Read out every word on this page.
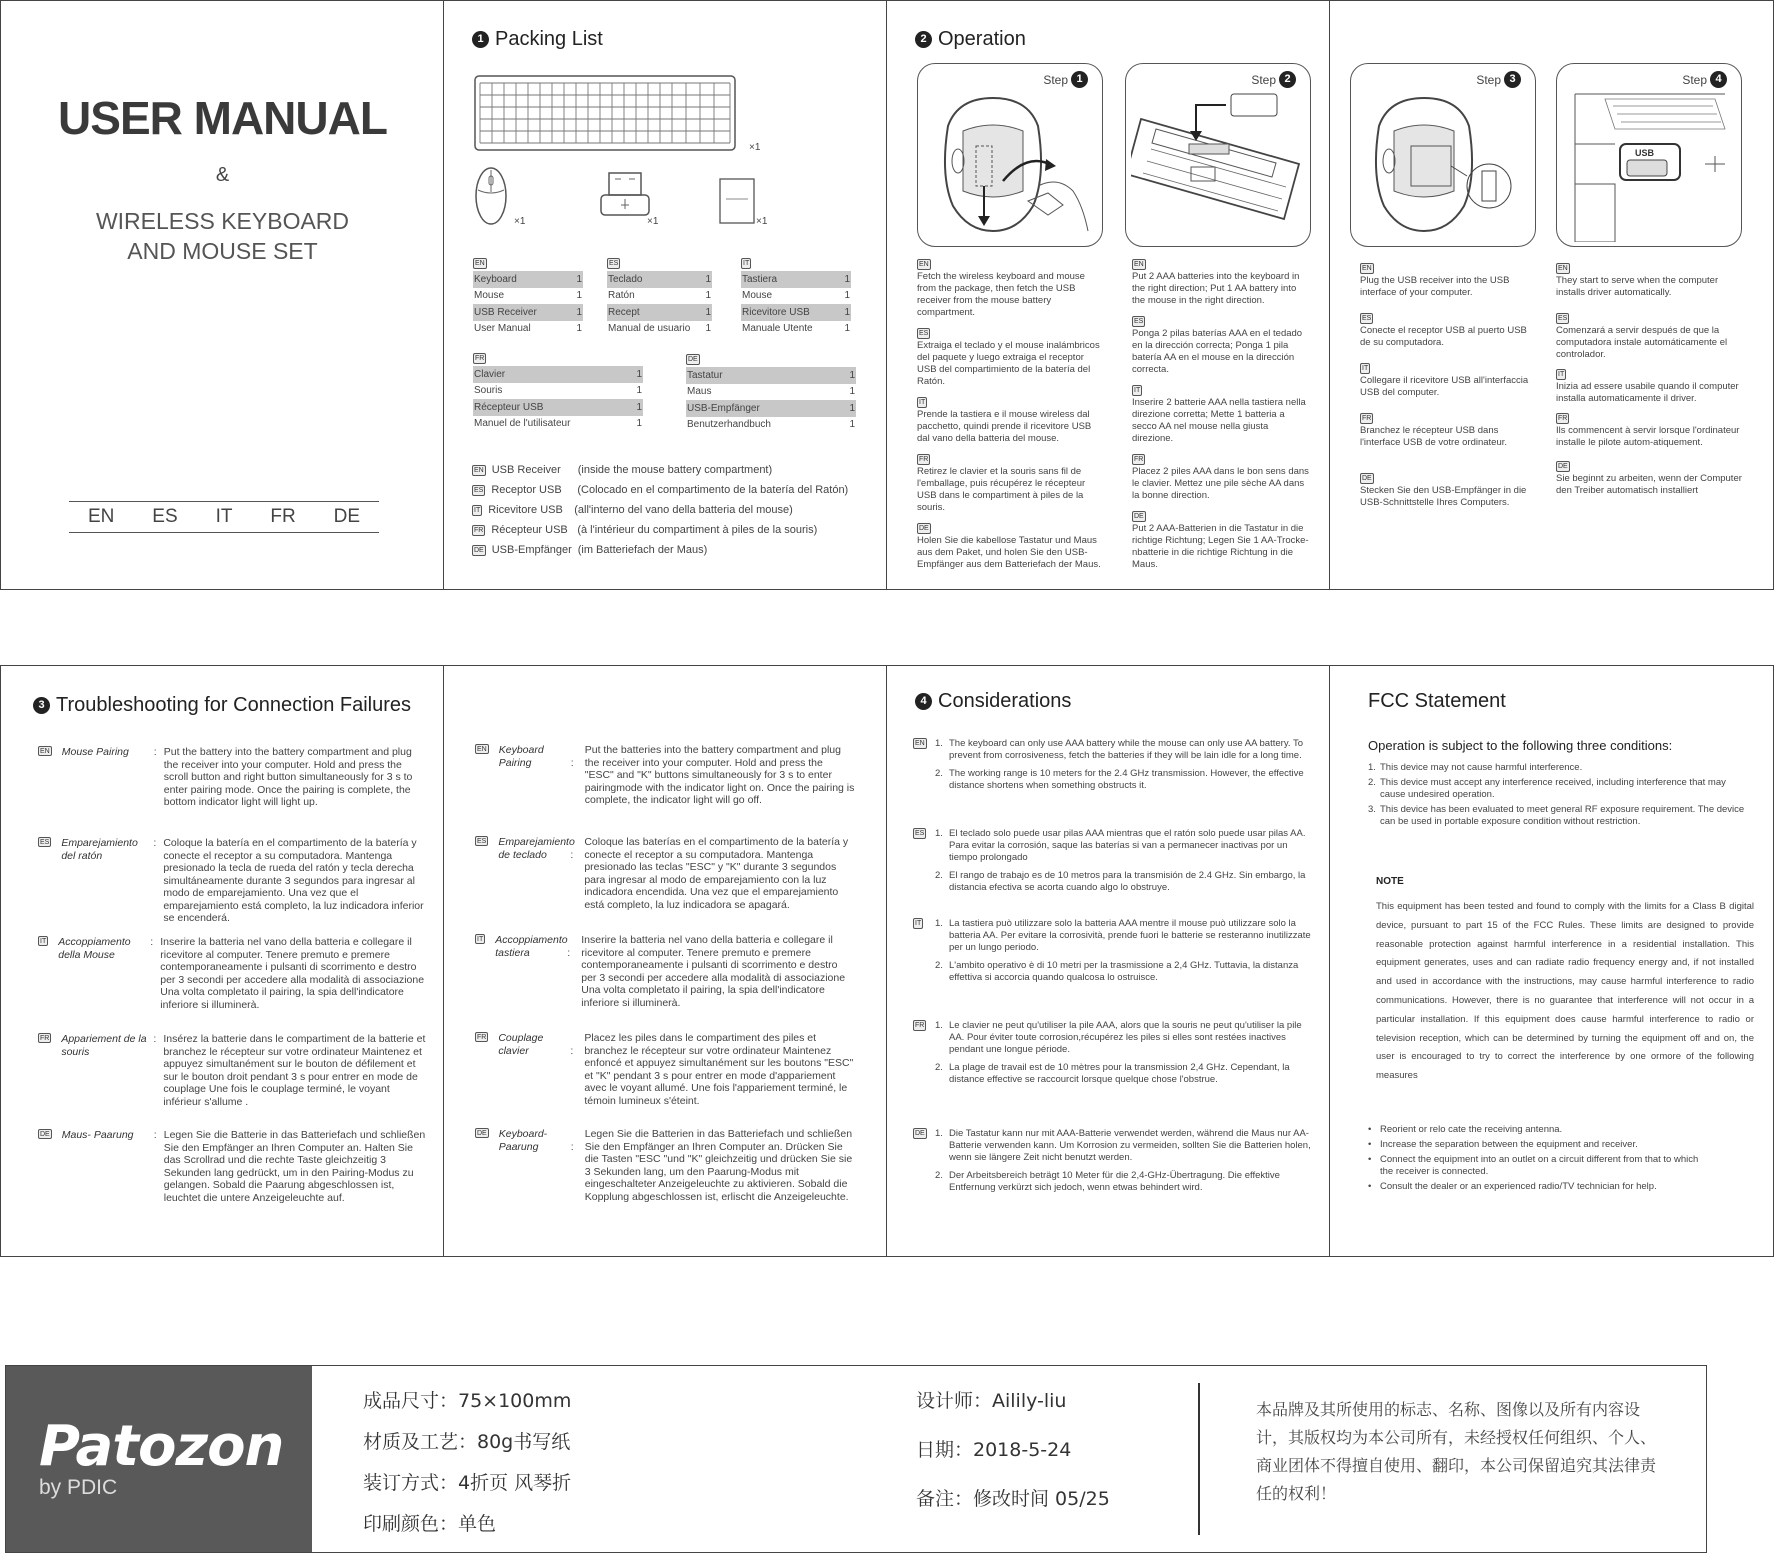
USER MANUAL
&
WIRELESS KEYBOARD
AND MOUSE SET
EN ES IT FR DE
1 Packing List
×1
×1	×1	×1
EN
Keyboard	1
Mouse	1
USB Receiver	1
User Manual	1
ES
Teclado	1
Ratón	1
Recept	1
Manual de usuario 1
IT
Tastiera	1
Mouse	1
Ricevitore USB	1
Manuale Utente	1
FR
Clavier	1
Souris	1
Récepteur USB	1
Manuel de l'utilisateur	1
DE
Tastatur	1
Maus	1
USB-Empfänger	1
Benutzerhandbuch	1
EN USB Receiver	(inside the mouse battery compartment)
ES Receptor USB	(Colocado en el compartimento de la batería del Ratón)
IT Ricevitore USB	(all'interno del vano della batteria del mouse)
FR Récepteur USB (à l'intérieur du compartiment à piles de la souris)
DE USB-Empfänger (im Batteriefach der Maus)
2 Operation
Step 1	Step 2
EN
Fetch the wireless keyboard and mouse from the package, then fetch the USB receiver from the mouse battery compartment.
ES
Extraiga el teclado y el mouse inalámbricos del paquete y luego extraiga el receptor USB del compartimiento de la batería del Ratón.
IT
Prende la tastiera e il mouse wireless dal pacchetto, quindi prende il ricevitore USB dal vano della batteria del mouse.
FR
Retirez le clavier et la souris sans fil de l'emballage, puis récupérez le récepteur USB dans le compartiment à piles de la souris.
DE
Holen Sie die kabellose Tastatur und Maus aus dem Paket, und holen Sie den USB-Empfänger aus dem Batteriefach der Maus.
EN
Put 2 AAA batteries into the keyboard in the right direction; Put 1 AA battery into the mouse in the right direction.
ES
Ponga 2 pilas baterías AAA en el tedado en la dirección correcta; Ponga 1 pila batería AA en el mouse en la dirección correcta.
IT
Inserire 2 batterie AAA nella tastiera nella direzione corretta; Mette 1 batteria a secco AA nel mouse nella giusta direzione.
FR
Placez 2 piles AAA dans le bon sens dans le clavier. Mettez une pile sèche AA dans la bonne direction.
DE
Put 2 AAA-Batterien in die Tastatur in die richtige Richtung; Legen Sie 1 AA-Trocke-nbatterie in die richtige Richtung in die Maus.
Step 3	Step 4
USB
EN
Plug the USB receiver into the USB interface of your computer.
ES
Conecte el receptor USB al puerto USB de su computadora.
IT
Collegare il ricevitore USB all'interfaccia USB del computer.
FR
Branchez le récepteur USB dans l'interface USB de votre ordinateur.
DE
Stecken Sie den USB-Empfänger in die USB-Schnittstelle Ihres Computers.
EN
They start to serve when the computer installs driver automatically.
ES
Comenzará a servir después de que la computadora instale automáticamente el controlador.
IT
Inizia ad essere usabile quando il computer installa automaticamente il driver.
FR
Ils commencent à servir lorsque l'ordinateur installe le pilote autom-atiquement.
DE
Sie beginnt zu arbeiten, wenn der Computer den Treiber automatisch installiert
3 Troubleshooting for Connection Failures
EN Mouse Pairing	: Put the battery into the battery compartment and plug the receiver into your computer. Hold and press the scroll button and right button simultaneously for 3 s to enter pairing mode. Once the pairing is complete, the bottom indicator light will light up.
ES Emparejamiento del ratón
: Coloque la batería en el compartimento de la batería y conecte el receptor a su computadora. Mantenga presionado la tecla de rueda del ratón y tecla derecha simultáneamente durante 3 segundos para ingresar al modo de emparejamiento. Una vez que el emparejamiento está completo, la luz indicadora inferior se encenderá.
IT Accoppiamento della Mouse
: Inserire la batteria nel vano della batteria e collegare il ricevitore al computer. Tenere premuto e premere contemporaneamente i pulsanti di scorrimento e destro per 3 secondi per accedere alla modalità di associazione Una volta completato il pairing, la spia dell'indicatore inferiore si illuminerà.
FR Appariement de la souris
: Insérez la batterie dans le compartiment de la batterie et branchez le récepteur sur votre ordinateur Maintenez et appuyez simultanément sur le bouton de défilement et sur le bouton droit pendant 3 s pour entrer en mode de couplage Une fois le couplage terminé, le voyant inférieur s'allume .
DE Maus- Paarung	: Legen Sie die Batterie in das Batteriefach und schließen Sie den Empfänger an Ihren Computer an. Halten Sie das Scrollrad und die rechte Taste gleichzeitig 3 Sekunden lang gedrückt, um in den Pairing-Modus zu gelangen. Sobald die Paarung abgeschlossen ist, leuchtet die untere Anzeigeleuchte auf.
EN Keyboard Pairing	:
Put the batteries into the battery compartment and plug the receiver into your computer. Hold and press the "ESC" and "K" buttons simultaneously for 3 s to enter pairingmode with the indicator light on. Once the pairing is complete, the indicator light will go off.
ES Emparejamiento de teclado	:
Coloque las baterías en el compartimento de la batería y conecte el receptor a su computadora. Mantenga presionado las teclas "ESC" y "K" durante 3 segundos para ingresar al modo de emparejamiento con la luz indicadora encendida. Una vez que el emparejamiento está completo, la luz indicadora se apagará.
IT Accoppiamento tastiera	:
Inserire la batteria nel vano della batteria e collegare il ricevitore al computer. Tenere premuto e premere contemporaneamente i pulsanti di scorrimento e destro per 3 secondi per accedere alla modalità di associazione Una volta completato il pairing, la spia dell'indicatore inferiore si illuminerà.
FR Couplage clavier	:
Placez les piles dans le compartiment des piles et branchez le récepteur sur votre ordinateur Maintenez enfoncé et appuyez simultanément sur les boutons "ESC" et "K" pendant 3 s pour entrer en mode d'appariement avec le voyant allumé. Une fois l'appariement terminé, le témoin lumineux s'éteint.
DE Keyboard-Paarung	:
Legen Sie die Batterien in das Batteriefach und schließen Sie den Empfänger an Ihren Computer an. Drücken Sie die Tasten "ESC "und "K" gleichzeitig und drücken Sie sie 3 Sekunden lang, um den Paarung-Modus mit eingeschalteter Anzeigeleuchte zu aktivieren. Sobald die Kopplung abgeschlossen ist, erlischt die Anzeigeleuchte.
4 Considerations
EN 1. The keyboard can only use AAA battery while the mouse can only use AA battery. To prevent from corrosiveness, fetch the batteries if they will be lain idle for a long time.
2. The working range is 10 meters for the 2.4 GHz transmission. However, the effective distance shortens when something obstructs it.
ES 1. El teclado solo puede usar pilas AAA mientras que el ratón solo puede usar pilas AA. Para evitar la corrosión, saque las baterías si van a permanecer inactivas por un tiempo prolongado
2. El rango de trabajo es de 10 metros para la transmisión de 2.4 GHz. Sin embargo, la distancia efectiva se acorta cuando algo lo obstruye.
IT 1. La tastiera può utilizzare solo la batteria AAA mentre il mouse può utilizzare solo la batteria AA. Per evitare la corrosività, prende fuori le batterie se resteranno inutilizzate per un lungo periodo.
2. L'ambito operativo è di 10 metri per la trasmissione a 2,4 GHz. Tuttavia, la distanza effettiva si accorcia quando qualcosa lo ostruisce.
FR 1. Le clavier ne peut qu'utiliser la pile AAA, alors que la souris ne peut qu'utiliser la pile AA. Pour éviter toute corrosion,récupérez les piles si elles sont restées inactives pendant une longue période.
2. La plage de travail est de 10 mètres pour la transmission 2,4 GHz. Cependant, la distance effective se raccourcit lorsque quelque chose l'obstrue.
DE 1. Die Tastatur kann nur mit AAA-Batterie verwendet werden, während die Maus nur AA-Batterie verwenden kann. Um Korrosion zu vermeiden, sollten Sie die Batterien holen, wenn sie längere Zeit nicht benutzt werden.
2. Der Arbeitsbereich beträgt 10 Meter für die 2,4-GHz-Übertragung. Die effektive Entfernung verkürzt sich jedoch, wenn etwas behindert wird.
FCC Statement
Operation is subject to the following three conditions:
1. This device may not cause harmful interference.
2. This device must accept any interference received, including interference that may cause undesired operation.
3. This device has been evaluated to meet general RF exposure requirement. The device can be used in portable exposure condition without restriction.
NOTE
This equipment has been tested and found to comply with the limits for a Class B digital device, pursuant to part 15 of the FCC Rules. These limits are designed to provide reasonable protection against harmful interference in a residential installation. This equipment generates, uses and can radiate radio frequency energy and, if not installed and used in accordance with the instructions, may cause harmful interference to radio communications. However, there is no guarantee that interference will not occur in a particular installation. If this equipment does cause harmful interference to radio or television reception, which can be determined by turning the equipment off and on, the user is encouraged to try to correct the interference by one ormore of the following measures
• Reorient or relo cate the receiving antenna.
• Increase the separation between the equipment and receiver.
• Connect the equipment into an outlet on a circuit different from that to which the receiver is connected.
• Consult the dealer or an experienced radio/TV technician for help.
Patozon
by PDIC
成品尺寸：75×100mm
材质及工艺：80g书写纸
装订方式：4折页 风琴折
印刷颜色：单色
设计师：Ailily-liu
日期：2018-5-24
备注：修改时间 05/25
本品牌及其所使用的标志、名称、图像以及所有内容设计，其版权均为本公司所有，未经授权任何组织、个人、商业团体不得擅自使用、翻印，本公司保留追究其法律责任的权利！
